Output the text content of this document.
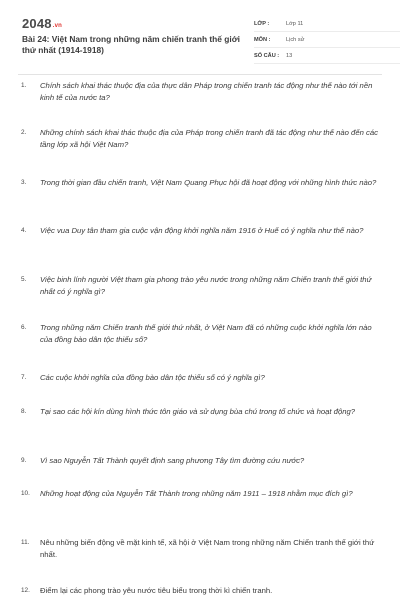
2048.vn
Bài 24: Việt Nam trong những năm chiến tranh thế giới thứ nhất (1914-1918)
LỚP :	Lớp 11
MÔN :	Lịch sử
SỐ CÂU :	13
1. Chính sách khai thác thuộc địa của thực dân Pháp trong chiến tranh tác động như thế nào tới nền kinh tế của nước ta?
2. Những chính sách khai thác thuộc địa của Pháp trong chiến tranh đã tác động như thế nào đến các tầng lớp xã hội Việt Nam?
3. Trong thời gian đầu chiến tranh, Việt Nam Quang Phục hội đã hoạt động với những hình thức nào?
4. Việc vua Duy tân tham gia cuộc vận động khởi nghĩa năm 1916 ở Huế có ý nghĩa như thế nào?
5. Việc binh lính người Việt tham gia phong trào yêu nước trong những năm Chiến tranh thế giới thứ nhất có ý nghĩa gì?
6. Trong những năm Chiến tranh thế giới thứ nhất, ở Việt Nam đã có những cuộc khởi nghĩa lớn nào của đồng bào dân tộc thiểu số?
7. Các cuộc khởi nghĩa của đồng bào dân tộc thiểu số có ý nghĩa gì?
8. Tại sao các hội kín dùng hình thức tôn giáo và sử dụng bùa chú trong tổ chức và hoạt động?
9. Vì sao Nguyễn Tất Thành quyết định sang phương Tây tìm đường cứu nước?
10. Những hoạt động của Nguyễn Tất Thành trong những năm 1911 – 1918 nhằm mục đích gì?
11. Nêu những biến động về mặt kinh tế, xã hội ở Việt Nam trong những năm Chiến tranh thế giới thứ nhất.
12. Điểm lại các phong trào yêu nước tiêu biểu trong thời kì chiến tranh.
